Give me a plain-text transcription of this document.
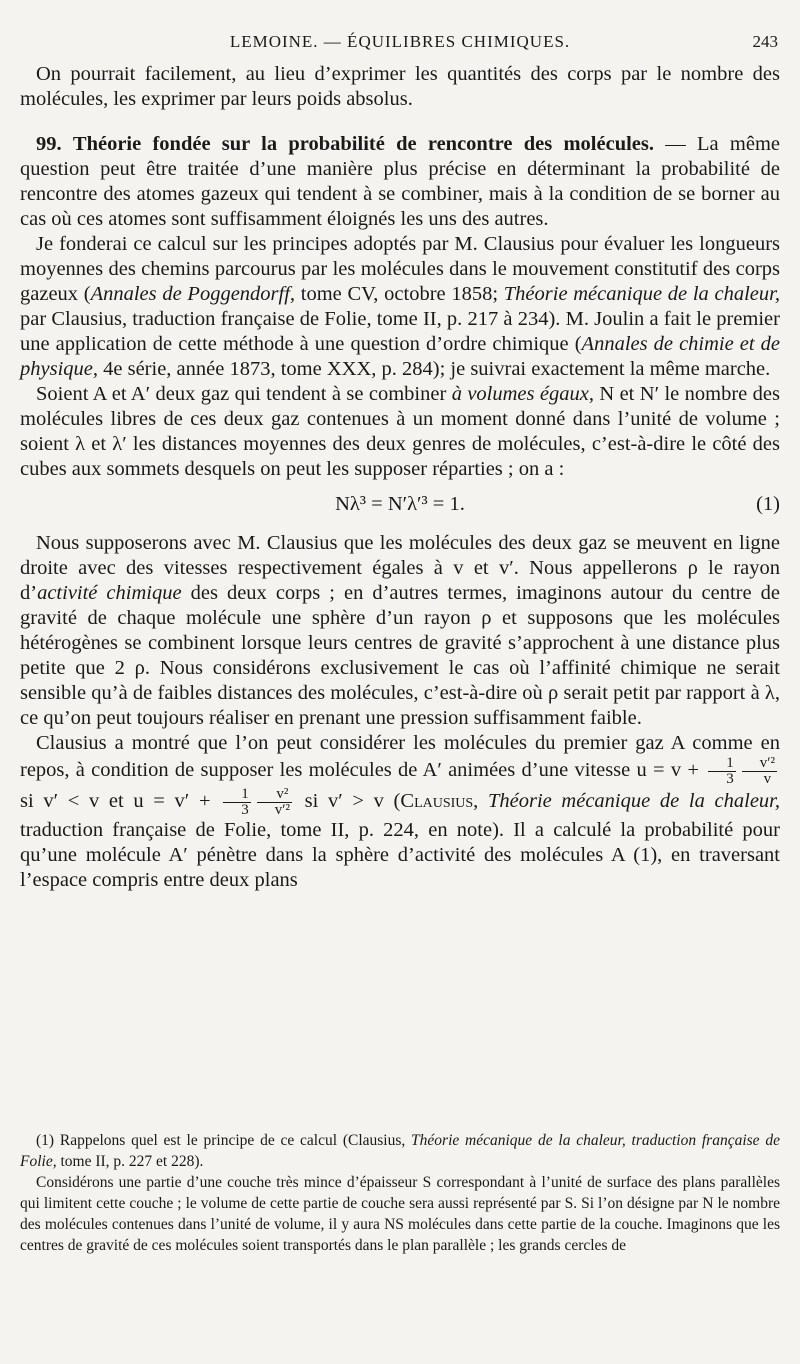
LEMOINE. — ÉQUILIBRES CHIMIQUES.	243

On pourrait facilement, au lieu d’exprimer les quantités des corps par le nombre des molécules, les exprimer par leurs poids absolus.

99. Théorie fondée sur la probabilité de rencontre des molécules. — La même question peut être traitée d’une manière plus précise en déterminant la probabilité de rencontre des atomes gazeux qui tendent à se combiner, mais à la condition de se borner au cas où ces atomes sont suffisamment éloignés les uns des autres.

Je fonderai ce calcul sur les principes adoptés par M. Clausius pour évaluer les longueurs moyennes des chemins parcourus par les molécules dans le mouvement constitutif des corps gazeux (Annales de Poggendorff, tome CV, octobre 1858; Théorie mécanique de la chaleur, par Clausius, traduction française de Folie, tome II, p. 217 à 234). M. Joulin a fait le premier une application de cette méthode à une question d’ordre chimique (Annales de chimie et de physique, 4e série, année 1873, tome XXX, p. 284); je suivrai exactement la même marche.

Soient A et A′ deux gaz qui tendent à se combiner à volumes égaux, N et N′ le nombre des molécules libres de ces deux gaz contenues à un moment donné dans l’unité de volume ; soient λ et λ′ les distances moyennes des deux genres de molécules, c’est-à-dire le côté des cubes aux sommets desquels on peut les supposer réparties ; on a :

Nλ³ = N′λ′³ = 1.	(1)

Nous supposerons avec M. Clausius que les molécules des deux gaz se meuvent en ligne droite avec des vitesses respectivement égales à v et v′. Nous appellerons ρ le rayon d’activité chimique des deux corps ; en d’autres termes, imaginons autour du centre de gravité de chaque molécule une sphère d’un rayon ρ et supposons que les molécules hétérogènes se combinent lorsque leurs centres de gravité s’approchent à une distance plus petite que 2 ρ. Nous considérons exclusivement le cas où l’affinité chimique ne serait sensible qu’à de faibles distances des molécules, c’est-à-dire où ρ serait petit par rapport à λ, ce qu’on peut toujours réaliser en prenant une pression suffisamment faible.

Clausius a montré que l’on peut considérer les molécules du premier gaz A comme en repos, à condition de supposer les molécules de A′ animées d’une vitesse $u = v + \frac{1}{3} \frac{\text{v′²}}{v}$
si v′ < v et $u = v' + \frac{1}{3} \frac{\text{v²}}{\text{v′²}}$ si v′ > v (Clausius, Théorie mécanique de la chaleur, traduction française de Folie, tome II, p. 224, en note). Il a calculé la probabilité pour qu’une molécule A′ pénètre dans la sphère d’activité des molécules A (1), en traversant l’espace compris entre deux plans

(1) Rappelons quel est le principe de ce calcul (Clausius, Théorie mécanique de la chaleur, traduction française de Folie, tome II, p. 227 et 228).

Considérons une partie d’une couche très mince d’épaisseur S correspondant à l’unité de surface des plans parallèles qui limitent cette couche ; le volume de cette partie de couche sera aussi représenté par S. Si l’on désigne par N le nombre des molécules contenues dans l’unité de volume, il y aura NS molécules dans cette partie de la couche. Imaginons que les centres de gravité de ces molécules soient transportés dans le plan parallèle ; les grands cercles de
